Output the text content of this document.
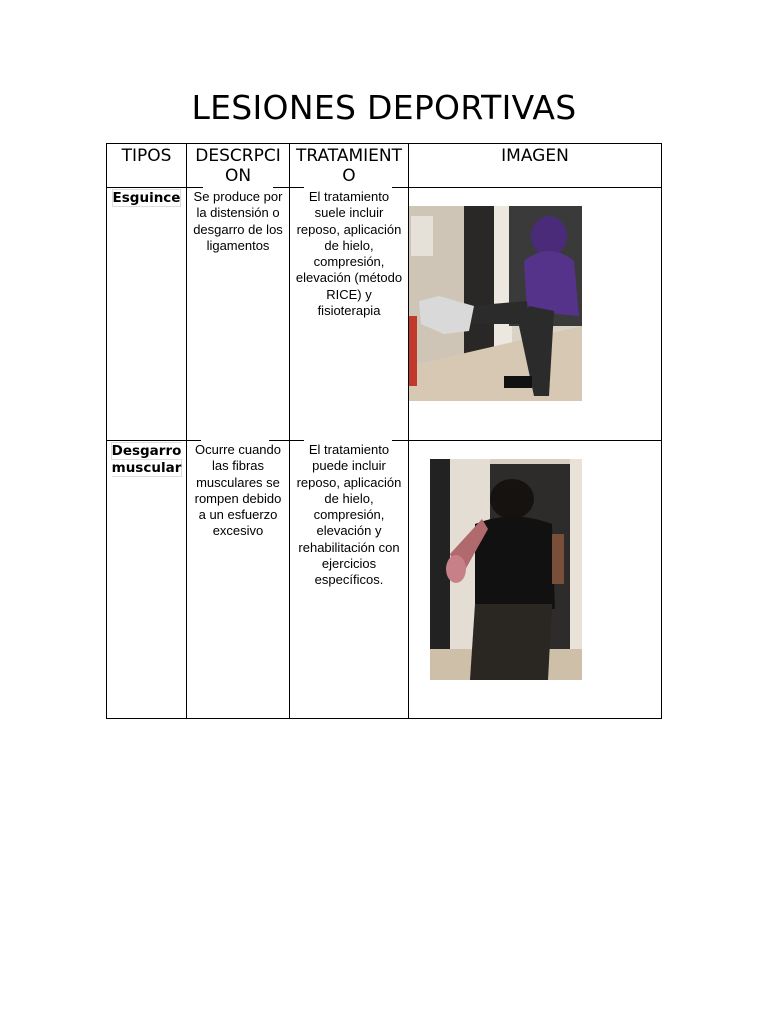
LESIONES DEPORTIVAS
TIPOS	DESCRPCION	TRATAMIENTO	IMAGEN

Esguince	Se produce por la distensión o desgarro de los ligamentos	El tratamiento suele incluir reposo, aplicación de hielo, compresión, elevación (método RICE) y fisioterapia

Desgarro muscular	Ocurre cuando las fibras musculares se rompen debido a un esfuerzo excesivo	El tratamiento puede incluir reposo, aplicación de hielo, compresión, elevación y rehabilitación con ejercicios específicos.
